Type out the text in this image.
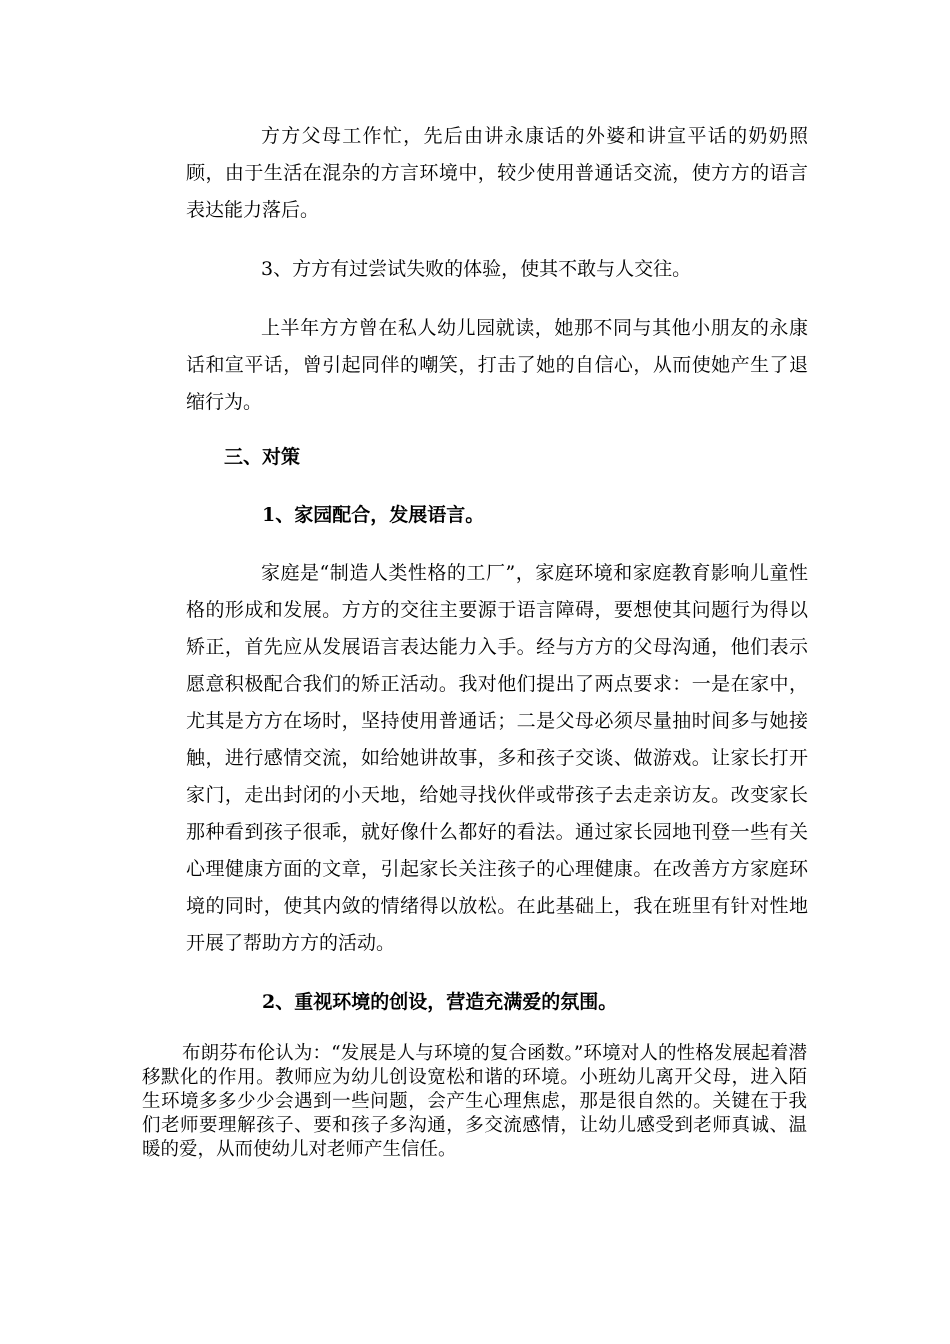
方方父母工作忙，先后由讲永康话的外婆和讲宣平话的奶奶照顾，由于生活在混杂的方言环境中，较少使用普通话交流，使方方的语言表达能力落后。

3、方方有过尝试失败的体验，使其不敢与人交往。

上半年方方曾在私人幼儿园就读，她那不同与其他小朋友的永康话和宣平话，曾引起同伴的嘲笑，打击了她的自信心，从而使她产生了退缩行为。

三、对策

1、家园配合，发展语言。

家庭是“制造人类性格的工厂”，家庭环境和家庭教育影响儿童性格的形成和发展。方方的交往主要源于语言障碍，要想使其问题行为得以矫正，首先应从发展语言表达能力入手。经与方方的父母沟通，他们表示愿意积极配合我们的矫正活动。我对他们提出了两点要求：一是在家中，尤其是方方在场时，坚持使用普通话；二是父母必须尽量抽时间多与她接触，进行感情交流，如给她讲故事，多和孩子交谈、做游戏。让家长打开家门，走出封闭的小天地，给她寻找伙伴或带孩子去走亲访友。改变家长那种看到孩子很乖，就好像什么都好的看法。通过家长园地刊登一些有关心理健康方面的文章，引起家长关注孩子的心理健康。在改善方方家庭环境的同时，使其内敛的情绪得以放松。在此基础上，我在班里有针对性地开展了帮助方方的活动。

2、重视环境的创设，营造充满爱的氛围。

布朗芬布伦认为：“发展是人与环境的复合函数。”环境对人的性格发展起着潜移默化的作用。教师应为幼儿创设宽松和谐的环境。小班幼儿离开父母，进入陌生环境多多少少会遇到一些问题，会产生心理焦虑，那是很自然的。关键在于我们老师要理解孩子、要和孩子多沟通，多交流感情，让幼儿感受到老师真诚、温暖的爱，从而使幼儿对老师产生信任。
